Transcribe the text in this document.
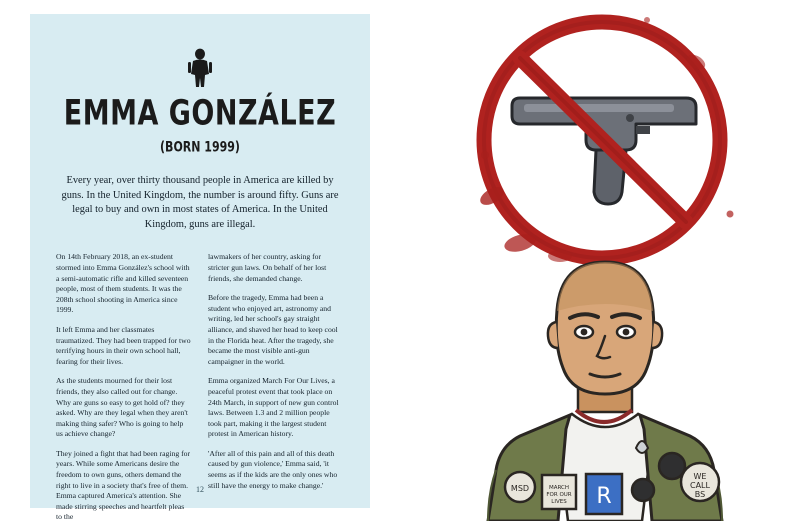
EMMA GONZÁLEZ
(BORN 1999)
Every year, over thirty thousand people in America are killed by guns. In the United Kingdom, the number is around fifty. Guns are legal to buy and own in most states of America. In the United Kingdom, guns are illegal.

On 14th February 2018, an ex-student stormed into Emma González's school with a semi-automatic rifle and killed seventeen people, most of them students. It was the 208th school shooting in America since 1999.

It left Emma and her classmates traumatized. They had been trapped for two terrifying hours in their own school hall, fearing for their lives.

As the students mourned for their lost friends, they also called out for change. Why are guns so easy to get hold of? they asked. Why are they legal when they aren't making thing safer? Who is going to help us achieve change?

They joined a fight that had been raging for years. While some Americans desire the freedom to own guns, others demand the right to live in a society that's free of them. Emma captured America's attention. She made stirring speeches and heartfelt pleas to the

lawmakers of her country, asking for stricter gun laws. On behalf of her lost friends, she demanded change.

Before the tragedy, Emma had been a student who enjoyed art, astronomy and writing, led her school's gay straight alliance, and shaved her head to keep cool in the Florida heat. After the tragedy, she became the most visible anti-gun campaigner in the world.

Emma organized March For Our Lives, a peaceful protest event that took place on 24th March, in support of new gun control laws. Between 1.3 and 2 million people took part, making it the largest student protest in American history.

'After all of this pain and all of this death caused by gun violence,' Emma said, 'it seems as if the kids are the only ones who still have the energy to make change.'

12	MSD	MARCH
FOR OUR
LIVES R
WE
CALL
BS
